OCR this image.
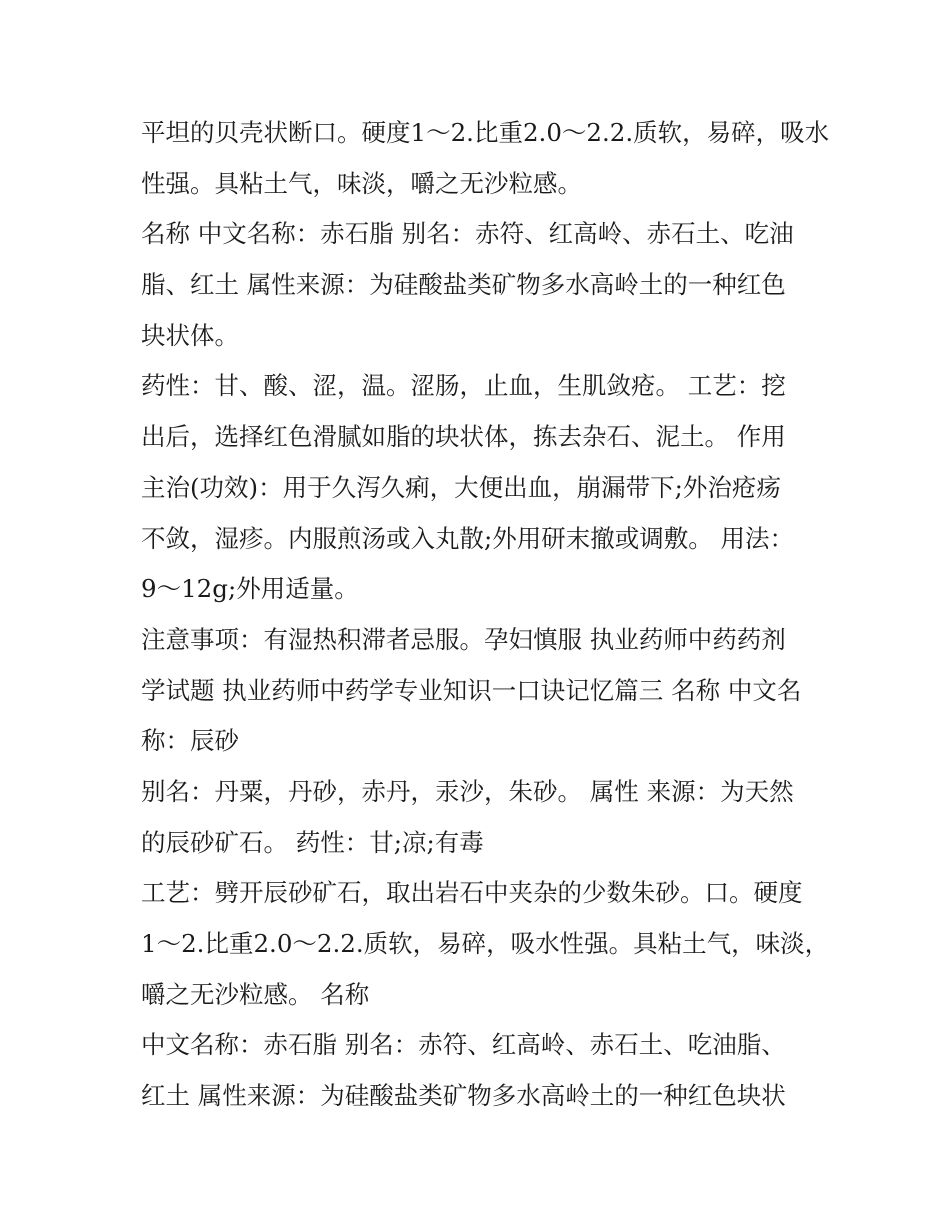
平坦的贝壳状断口。硬度1～2.比重2.0～2.2.质软，易碎，吸水
性强。具粘土气，味淡，嚼之无沙粒感。
名称 中文名称：赤石脂 别名：赤符、红高岭、赤石土、吃油
脂、红土 属性来源：为硅酸盐类矿物多水高岭土的一种红色
块状体。
药性：甘、酸、涩，温。涩肠，止血，生肌敛疮。 工艺：挖
出后，选择红色滑腻如脂的块状体，拣去杂石、泥土。 作用
主治(功效)：用于久泻久痢，大便出血，崩漏带下;外治疮疡
不敛，湿疹。内服煎汤或入丸散;外用研末撤或调敷。 用法：
9～12g;外用适量。
注意事项：有湿热积滞者忌服。孕妇慎服 执业药师中药药剂
学试题 执业药师中药学专业知识一口诀记忆篇三 名称 中文名
称：辰砂
别名：丹粟，丹砂，赤丹，汞沙，朱砂。 属性 来源：为天然
的辰砂矿石。 药性：甘;凉;有毒
工艺：劈开辰砂矿石，取出岩石中夹杂的少数朱砂。口。硬度
1～2.比重2.0～2.2.质软，易碎，吸水性强。具粘土气，味淡，
嚼之无沙粒感。 名称
中文名称：赤石脂 别名：赤符、红高岭、赤石土、吃油脂、
红土 属性来源：为硅酸盐类矿物多水高岭土的一种红色块状
